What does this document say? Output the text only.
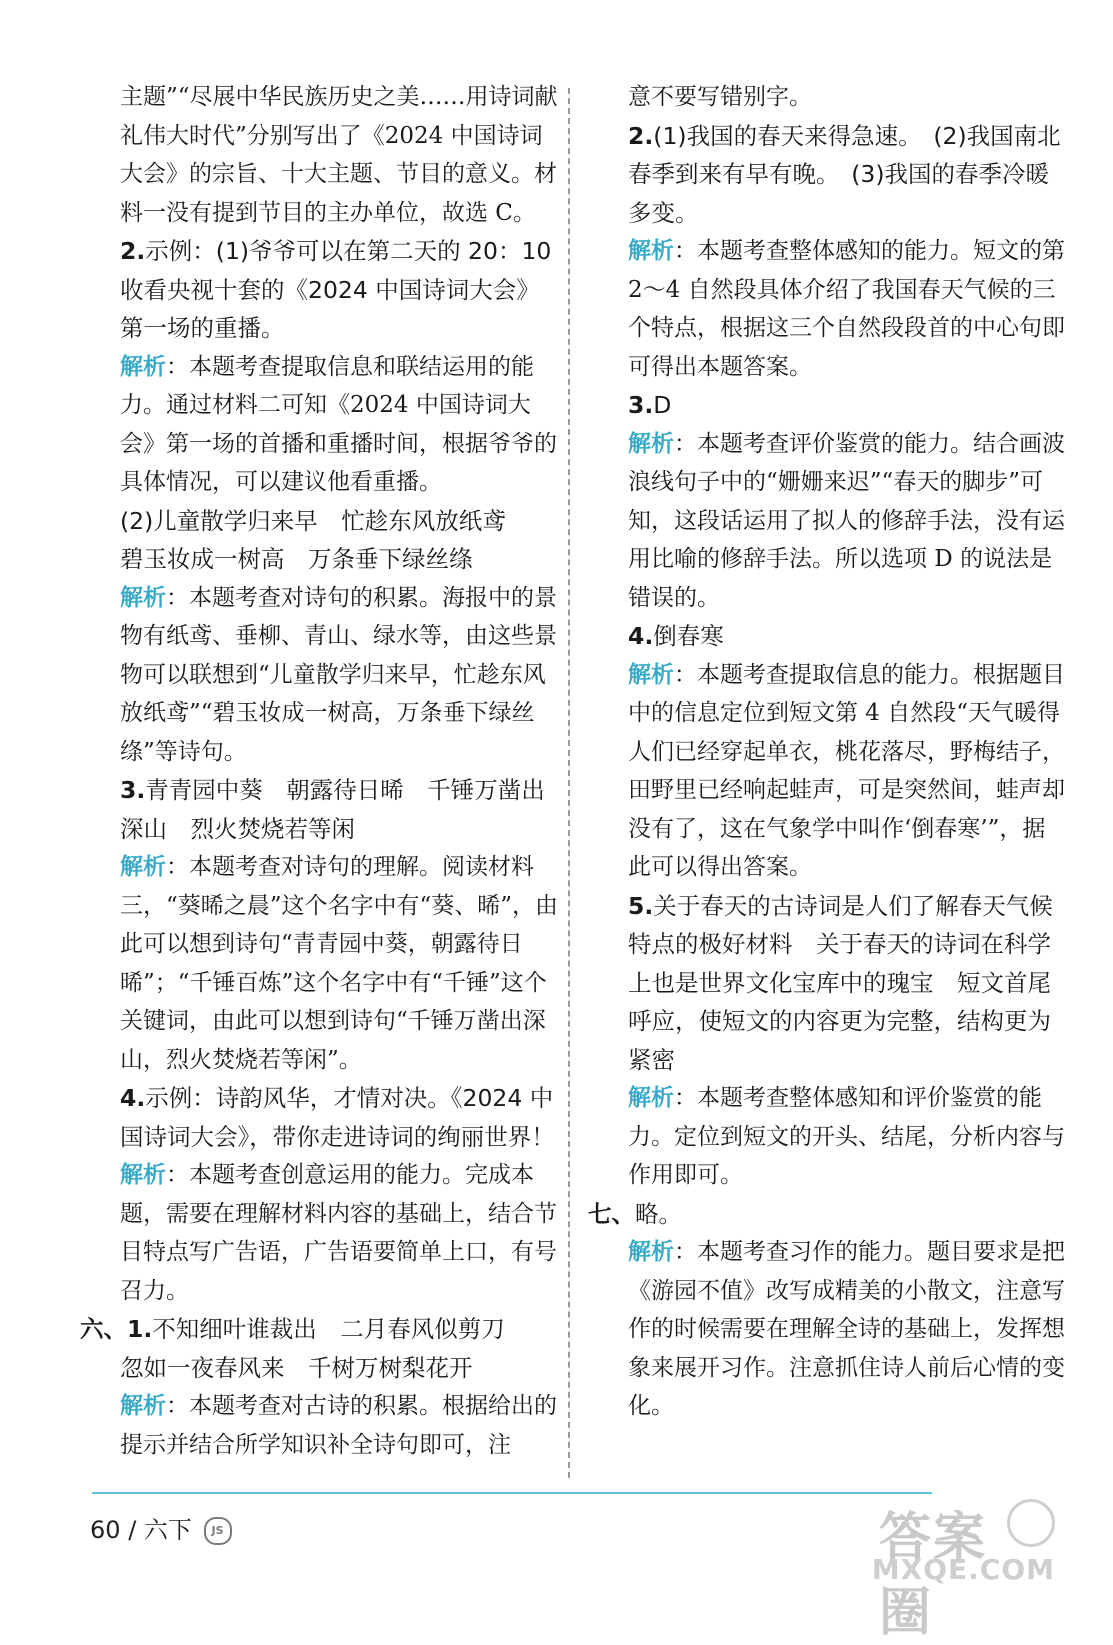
主题”“尽展中华民族历史之美……用诗词献礼伟大时代”分别写出了《2024 中国诗词大会》的宗旨、十大主题、节目的意义。材料一没有提到节目的主办单位，故选 C。

2.示例：(1)爷爷可以在第二天的 20：10 收看央视十套的《2024 中国诗词大会》第一场的重播。

解析：本题考查提取信息和联结运用的能力。通过材料二可知《2024 中国诗词大会》第一场的首播和重播时间，根据爷爷的具体情况，可以建议他看重播。

(2)儿童散学归来早　忙趁东风放纸鸢

碧玉妆成一树高　万条垂下绿丝绦

解析：本题考查对诗句的积累。海报中的景物有纸鸢、垂柳、青山、绿水等，由这些景物可以联想到“儿童散学归来早，忙趁东风放纸鸢”“碧玉妆成一树高，万条垂下绿丝绦”等诗句。

3.青青园中葵　朝露待日晞　千锤万凿出深山　烈火焚烧若等闲

解析：本题考查对诗句的理解。阅读材料三，“葵晞之晨”这个名字中有“葵、晞”，由此可以想到诗句“青青园中葵，朝露待日晞”；“千锤百炼”这个名字中有“千锤”这个关键词，由此可以想到诗句“千锤万凿出深山，烈火焚烧若等闲”。

4.示例：诗韵风华，才情对决。《2024 中国诗词大会》，带你走进诗词的绚丽世界！

解析：本题考查创意运用的能力。完成本题，需要在理解材料内容的基础上，结合节目特点写广告语，广告语要简单上口，有号召力。

六、1.不知细叶谁裁出　二月春风似剪刀

忽如一夜春风来　千树万树梨花开

解析：本题考查对古诗的积累。根据给出的提示并结合所学知识补全诗句即可，注

意不要写错别字。

2.(1)我国的春天来得急速。　(2)我国南北春季到来有早有晚。　(3)我国的春季冷暖多变。

解析：本题考查整体感知的能力。短文的第 2～4 自然段具体介绍了我国春天气候的三个特点，根据这三个自然段段首的中心句即可得出本题答案。

3.D

解析：本题考查评价鉴赏的能力。结合画波浪线句子中的“姗姗来迟”“春天的脚步”可知，这段话运用了拟人的修辞手法，没有运用比喻的修辞手法。所以选项 D 的说法是错误的。

4.倒春寒

解析：本题考查提取信息的能力。根据题目中的信息定位到短文第 4 自然段“天气暖得人们已经穿起单衣，桃花落尽，野梅结子，田野里已经响起蛙声，可是突然间，蛙声却没有了，这在气象学中叫作‘倒春寒’”，据此可以得出答案。

5.关于春天的古诗词是人们了解春天气候特点的极好材料　关于春天的诗词在科学上也是世界文化宝库中的瑰宝　短文首尾呼应，使短文的内容更为完整，结构更为紧密

解析：本题考查整体感知和评价鉴赏的能力。定位到短文的开头、结尾，分析内容与作用即可。

七、略。

解析：本题考查习作的能力。题目要求是把《游园不值》改写成精美的小散文，注意写作的时候需要在理解全诗的基础上，发挥想象来展开习作。注意抓住诗人前后心情的变化。

60 / 六下 JS	答案圈
MXQE.COM
